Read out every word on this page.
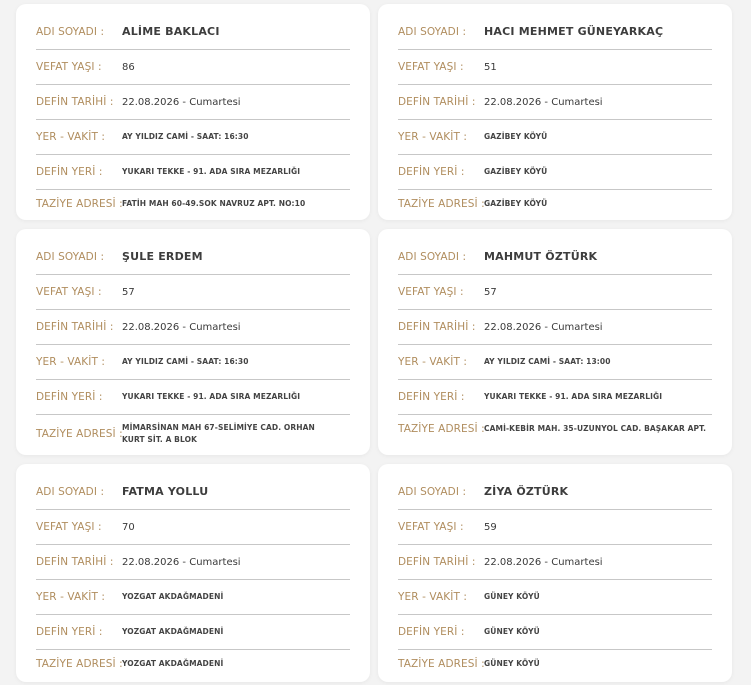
ADI SOYADI :	ALİME BAKLACI
VEFAT YAŞI :	86
DEFİN TARİHİ : 22.08.2026 - Cumartesi
YER - VAKİT :	AY YILDIZ CAMİ - SAAT: 16:30
DEFİN YERİ :	YUKARI TEKKE - 91. ADA SIRA MEZARLIĞI
TAZİYE ADRESİ : FATİH MAH 60-49.SOK NAVRUZ APT. NO:10
ADI SOYADI :	HACI MEHMET GÜNEYARKAÇ
VEFAT YAŞI :	51
DEFİN TARİHİ : 22.08.2026 - Cumartesi
YER - VAKİT :	GAZİBEY KÖYÜ
DEFİN YERİ :	GAZİBEY KÖYÜ
TAZİYE ADRESİ : GAZİBEY KÖYÜ
ADI SOYADI :	ŞULE ERDEM
VEFAT YAŞI :	57
DEFİN TARİHİ : 22.08.2026 - Cumartesi
YER - VAKİT :	AY YILDIZ CAMİ - SAAT: 16:30
DEFİN YERİ :	YUKARI TEKKE - 91. ADA SIRA MEZARLIĞI
TAZİYE ADRESİ :
MİMARSİNAN MAH 67-SELİMİYE CAD. ORHAN KURT SİT. A BLOK
ADI SOYADI :	MAHMUT ÖZTÜRK
VEFAT YAŞI :	57
DEFİN TARİHİ : 22.08.2026 - Cumartesi
YER - VAKİT :	AY YILDIZ CAMİ - SAAT: 13:00
DEFİN YERİ :	YUKARI TEKKE - 91. ADA SIRA MEZARLIĞI
TAZİYE ADRESİ : CAMİ-KEBİR MAH. 35-UZUNYOL CAD. BAŞAKAR APT.
ADI SOYADI :	FATMA YOLLU
VEFAT YAŞI :	70
DEFİN TARİHİ : 22.08.2026 - Cumartesi
YER - VAKİT :	YOZGAT AKDAĞMADENİ
DEFİN YERİ :	YOZGAT AKDAĞMADENİ
TAZİYE ADRESİ : YOZGAT AKDAĞMADENİ
ADI SOYADI :	ZİYA ÖZTÜRK
VEFAT YAŞI :	59
DEFİN TARİHİ : 22.08.2026 - Cumartesi
YER - VAKİT :	GÜNEY KÖYÜ
DEFİN YERİ :	GÜNEY KÖYÜ
TAZİYE ADRESİ : GÜNEY KÖYÜ
